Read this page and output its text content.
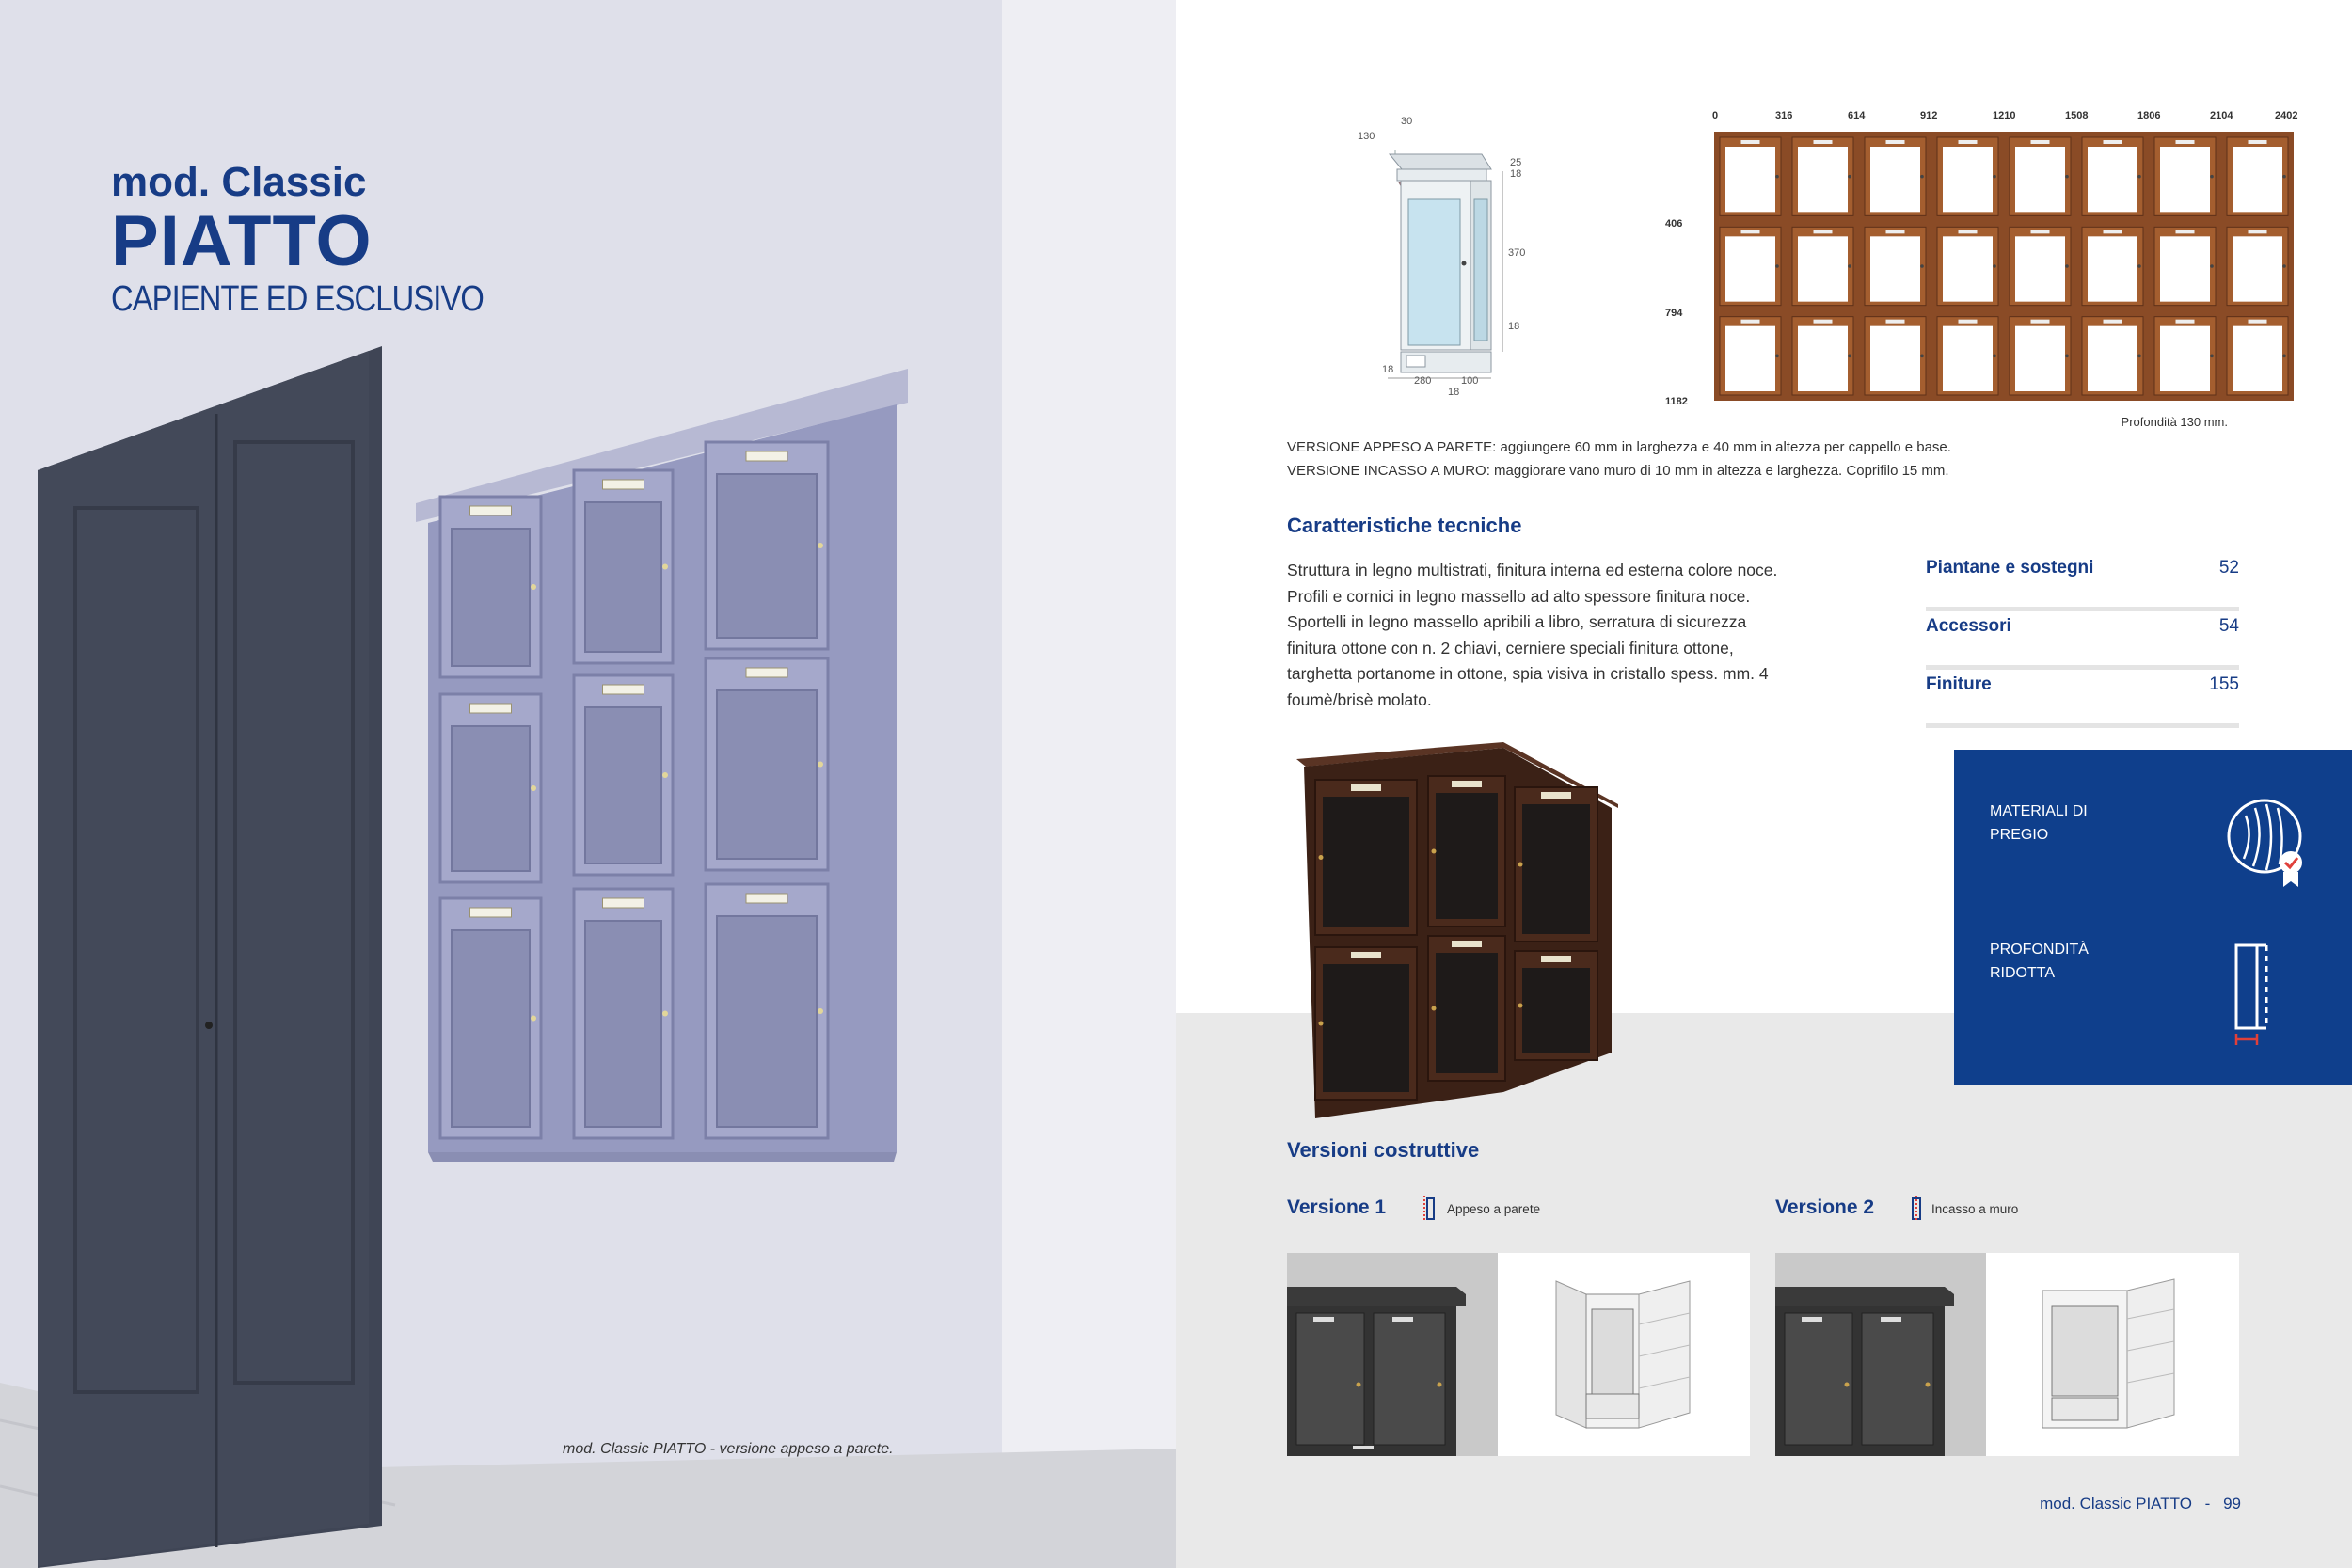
mod. Classic
PIATTO
CAPIENTE ED ESCLUSIVO
mod. Classic PIATTO - versione appeso a parete.
30
130
25
18
370
18
18
280	100
18
0	316	614	912	1210	1508	1806	2104	2402
406
794
1182
Profondità 130 mm.
VERSIONE APPESO A PARETE: aggiungere 60 mm in larghezza e 40 mm in altezza per cappello e base.
VERSIONE INCASSO A MURO: maggiorare vano muro di 10 mm in altezza e larghezza. Coprifilo 15 mm.
Caratteristiche tecniche
Struttura in legno multistrati, finitura interna ed esterna colore noce. Profili e cornici in legno massello ad alto spessore finitura noce. Sportelli in legno massello apribili a libro, serratura di sicurezza finitura ottone con n. 2 chiavi, cerniere speciali finitura ottone, targhetta portanome in ottone, spia visiva in cristallo spess. mm. 4 foumè/brisè molato.
Piantane e sostegni	52
Accessori	54
Finiture	155
MATERIALI DI PREGIO
PROFONDITÀ RIDOTTA
Versioni costruttive
Versione 1	Appeso a parete	Versione 2	Incasso a muro
mod. Classic PIATTO - 99
